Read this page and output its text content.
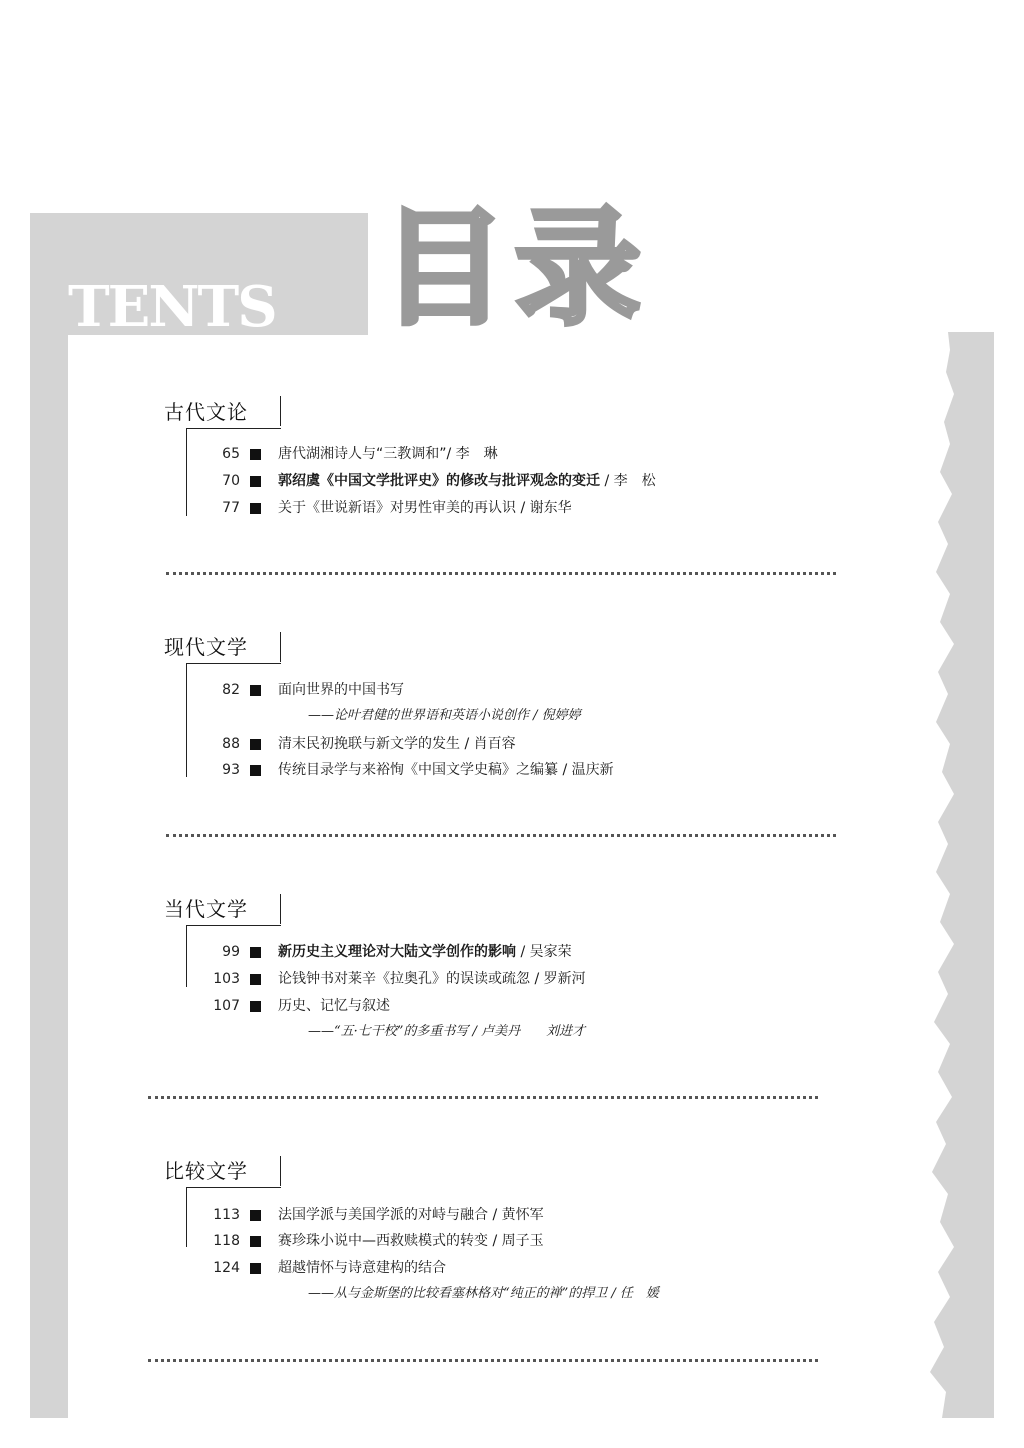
TENTS 目录
古代文论
65	唐代湖湘诗人与“三教调和”/ 李　琳
70	郭绍虞《中国文学批评史》的修改与批评观念的变迁 / 李　松
77	关于《世说新语》对男性审美的再认识 / 谢东华
现代文学
82	面向世界的中国书写
——论叶君健的世界语和英语小说创作 / 倪婷婷
88	清末民初挽联与新文学的发生 / 肖百容
93	传统目录学与来裕恂《中国文学史稿》之编纂 / 温庆新
当代文学
99	新历史主义理论对大陆文学创作的影响 / 吴家荣
103	论钱钟书对莱辛《拉奥孔》的误读或疏忽 / 罗新河
107	历史、记忆与叙述
——“五·七干校”的多重书写 / 卢美丹　　刘进才
比较文学
113	法国学派与美国学派的对峙与融合 / 黄怀军
118	赛珍珠小说中—西救赎模式的转变 / 周子玉
124	超越情怀与诗意建构的结合
——从与金斯堡的比较看塞林格对“纯正的禅”的捍卫 / 任　媛
